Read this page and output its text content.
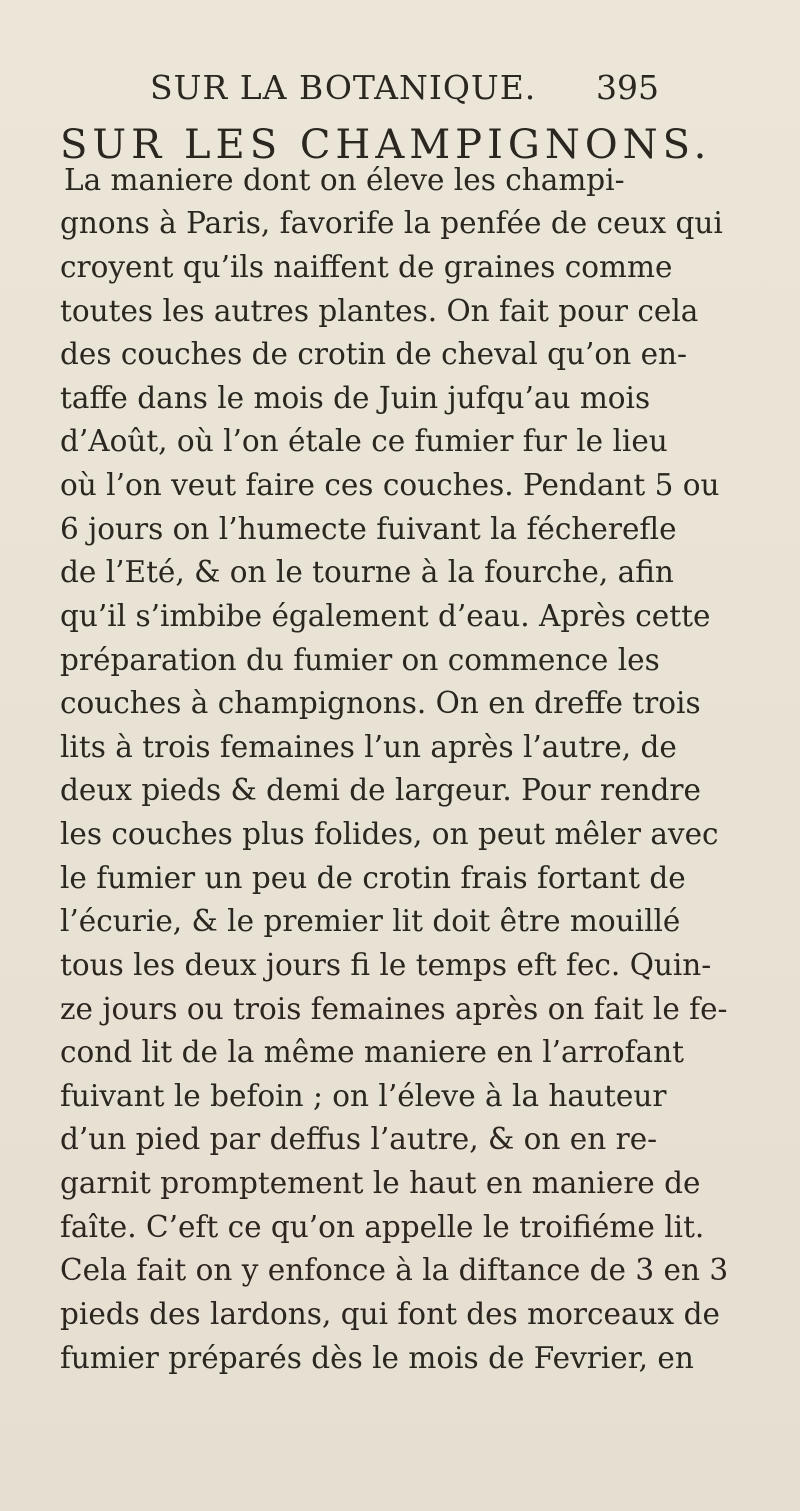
SUR LA BOTANIQUE. 395
SUR LES CHAMPIGNONS.
La maniere dont on éleve les champi-
gnons à Paris, favorife la penfée de ceux qui
croyent qu’ils naiffent de graines comme
toutes les autres plantes. On fait pour cela
des couches de crotin de cheval qu’on en-
taffe dans le mois de Juin jufqu’au mois
d’Août, où l’on étale ce fumier fur le lieu
où l’on veut faire ces couches. Pendant 5 ou
6 jours on l’humecte fuivant la fécherefle
de l’Eté, & on le tourne à la fourche, afin
qu’il s’imbibe également d’eau. Après cette
préparation du fumier on commence les
couches à champignons. On en dreffe trois
lits à trois femaines l’un après l’autre, de
deux pieds & demi de largeur. Pour rendre
les couches plus folides, on peut mêler avec
le fumier un peu de crotin frais fortant de
l’écurie, & le premier lit doit être mouillé
tous les deux jours fi le temps eft fec. Quin-
ze jours ou trois femaines après on fait le fe-
cond lit de la même maniere en l’arrofant
fuivant le befoin ; on l’éleve à la hauteur
d’un pied par deffus l’autre, & on en re-
garnit promptement le haut en maniere de
faîte. C’eft ce qu’on appelle le troifiéme lit.
Cela fait on y enfonce à la diftance de 3 en 3
pieds des lardons, qui font des morceaux de
fumier préparés dès le mois de Fevrier, en
